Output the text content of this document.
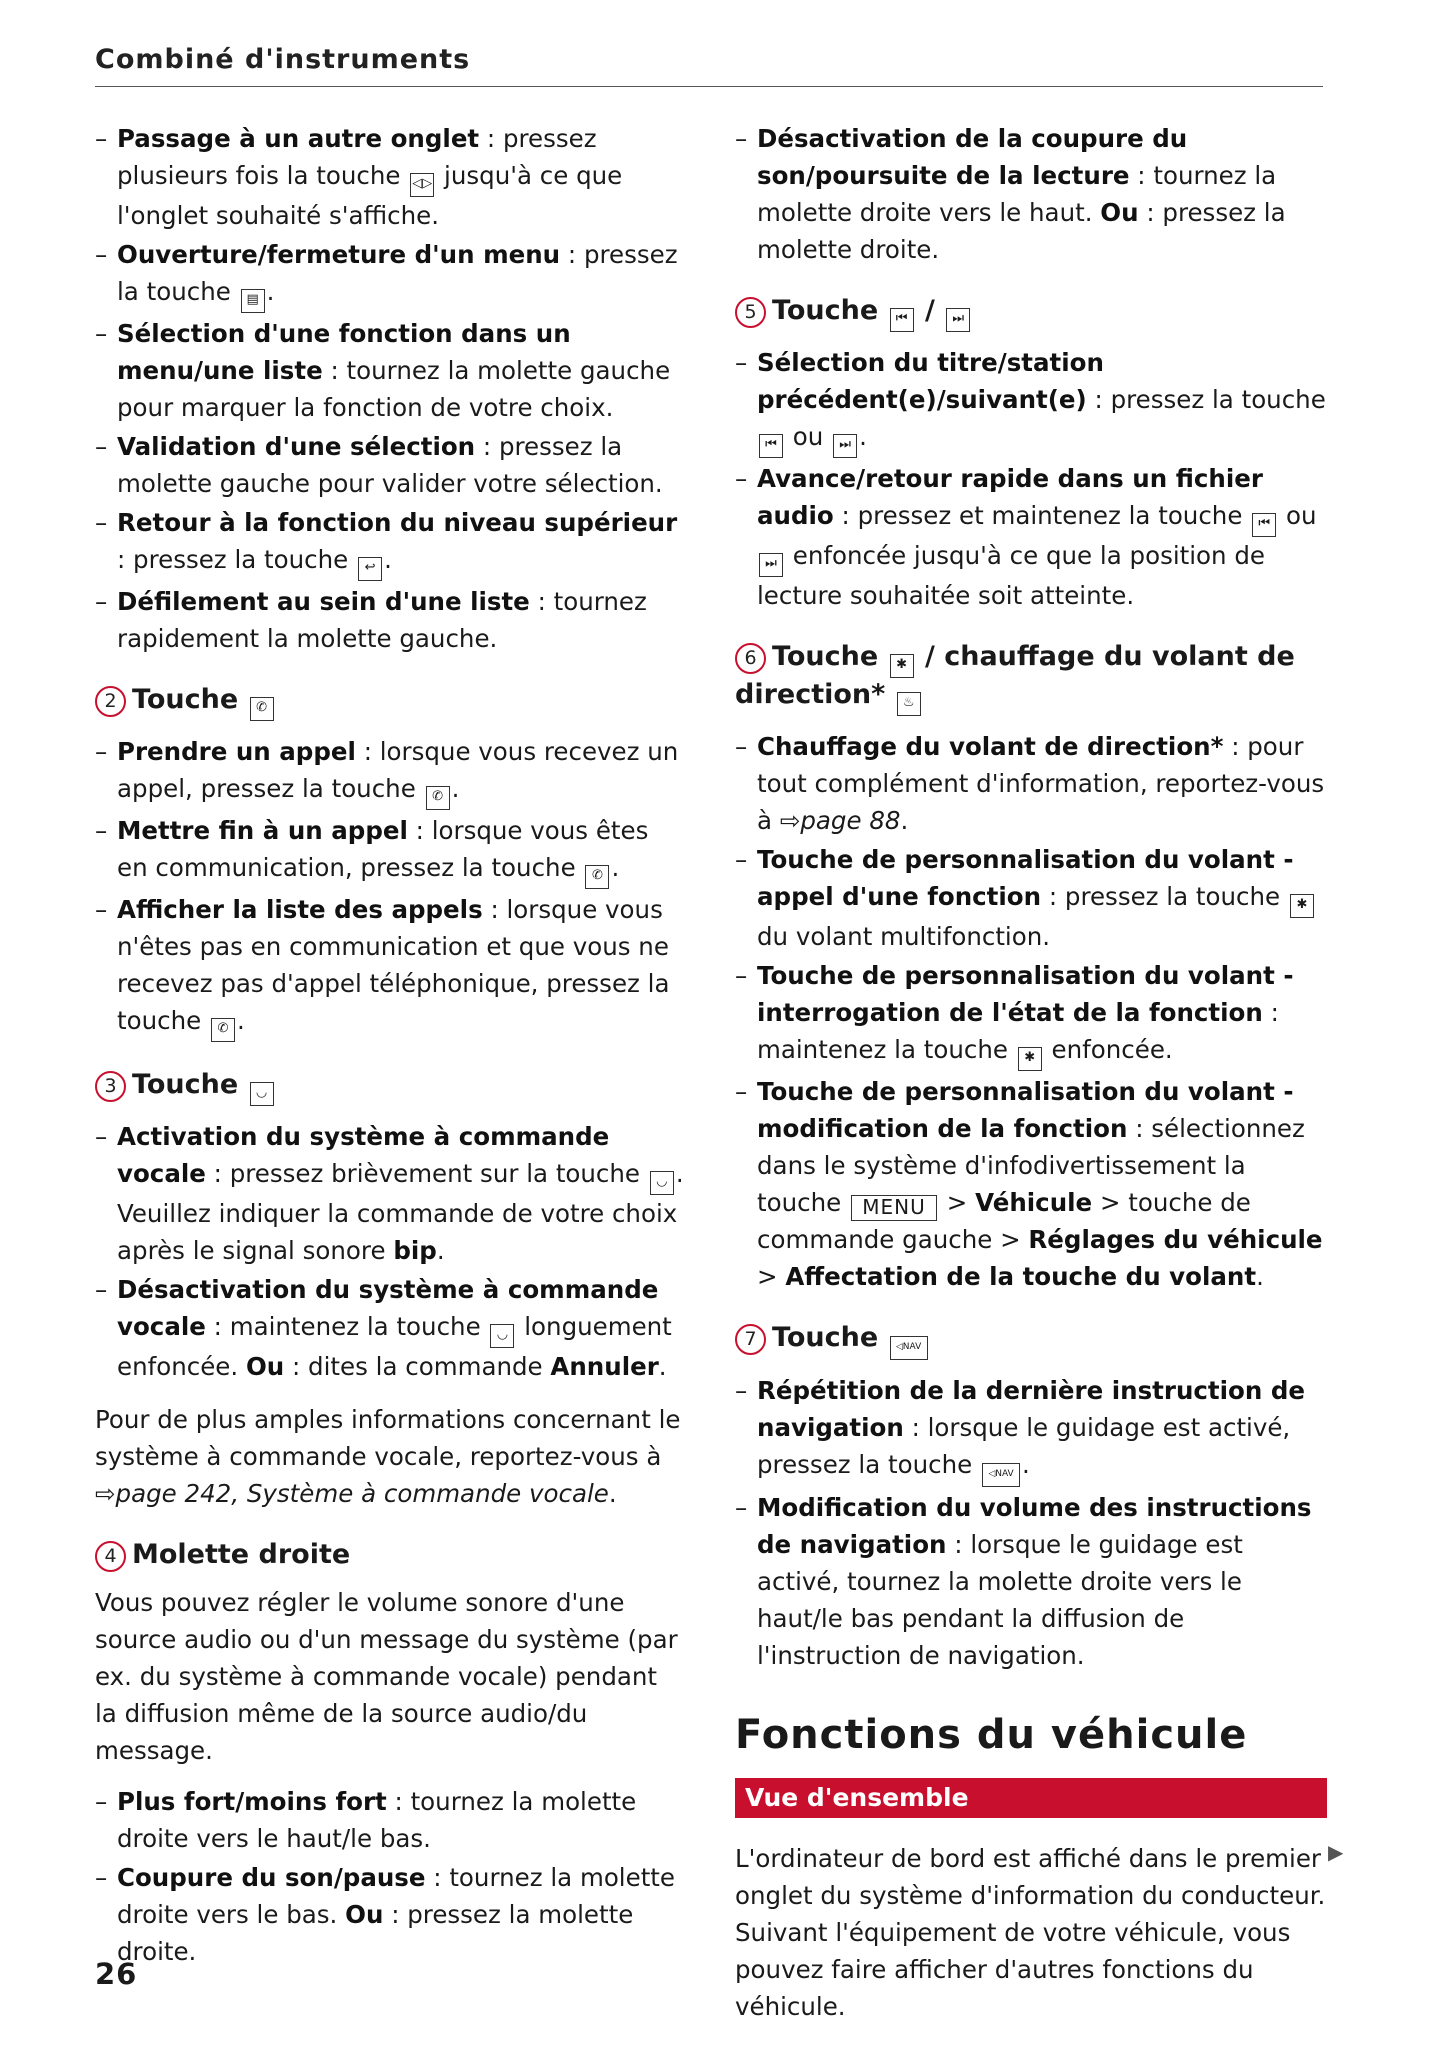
Combiné d'instruments
– Passage à un autre onglet : pressez plusieurs fois la touche ◁▷ jusqu'à ce que l'onglet souhaité s'affiche.
– Ouverture/fermeture d'un menu : pressez la touche ▤ .
– Sélection d'une fonction dans un menu/une liste : tournez la molette gauche pour marquer la fonction de votre choix.
– Validation d'une sélection : pressez la molette gauche pour valider votre sélection.
– Retour à la fonction du niveau supérieur : pressez la touche ↩ .
– Défilement au sein d'une liste : tournez rapidement la molette gauche.
2 Touche ✆
– Prendre un appel : lorsque vous recevez un appel, pressez la touche ✆ .
– Mettre fin à un appel : lorsque vous êtes en communication, pressez la touche ✆ .
– Afficher la liste des appels : lorsque vous n'êtes pas en communication et que vous ne recevez pas d'appel téléphonique, pressez la touche ✆ .
3 Touche ◡
– Activation du système à commande vocale : pressez brièvement sur la touche ◡ . Veuillez indiquer la commande de votre choix après le signal sonore bip.
– Désactivation du système à commande vocale : maintenez la touche ◡ longuement enfoncée. Ou : dites la commande Annuler.
Pour de plus amples informations concernant le système à commande vocale, reportez-vous à ⇨page 242, Système à commande vocale.
4 Molette droite
Vous pouvez régler le volume sonore d'une source audio ou d'un message du système (par ex. du système à commande vocale) pendant la diffusion même de la source audio/du message.
– Plus fort/moins fort : tournez la molette droite vers le haut/le bas.
– Coupure du son/pause : tournez la molette droite vers le bas. Ou : pressez la molette droite.
– Désactivation de la coupure du son/poursuite de la lecture : tournez la molette droite vers le haut. Ou : pressez la molette droite.
5 Touche ⏮ / ⏭
– Sélection du titre/station précédent(e)/suivant(e) : pressez la touche ⏮ ou ⏭ .
– Avance/retour rapide dans un fichier audio : pressez et maintenez la touche ⏮ ou ⏭ enfoncée jusqu'à ce que la position de lecture souhaitée soit atteinte.
6 Touche ✱ / chauffage du volant de direction* ♨
– Chauffage du volant de direction* : pour tout complément d'information, reportez-vous à ⇨page 88.
– Touche de personnalisation du volant - appel d'une fonction : pressez la touche ✱ du volant multifonction.
– Touche de personnalisation du volant - interrogation de l'état de la fonction : maintenez la touche ✱ enfoncée.
– Touche de personnalisation du volant - modification de la fonction : sélectionnez dans le système d'infodivertissement la touche MENU > Véhicule > touche de commande gauche > Réglages du véhicule > Affectation de la touche du volant.
7 Touche ◁NAV
– Répétition de la dernière instruction de navigation : lorsque le guidage est activé, pressez la touche ◁NAV .
– Modification du volume des instructions de navigation : lorsque le guidage est activé, tournez la molette droite vers le haut/le bas pendant la diffusion de l'instruction de navigation.
Fonctions du véhicule
Vue d'ensemble
L'ordinateur de bord est affiché dans le premier onglet du système d'information du conducteur. Suivant l'équipement de votre véhicule, vous pouvez faire afficher d'autres fonctions du véhicule.
▶
26
